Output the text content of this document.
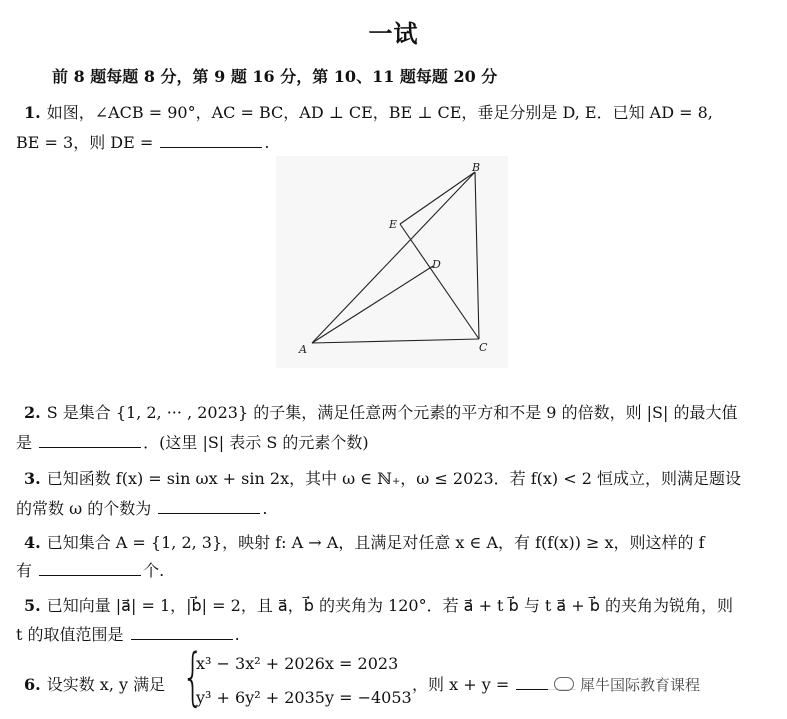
一试
前 8 题每题 8 分，第 9 题 16 分，第 10、11 题每题 20 分
1. 如图，∠ACB = 90°，AC = BC，AD ⊥ CE，BE ⊥ CE，垂足分别是 D, E．已知 AD = 8,
BE = 3，则 DE =	.
A
B
C
D
E
2. S 是集合 {1, 2, ··· , 2023} 的子集，满足任意两个元素的平方和不是 9 的倍数，则 |S| 的最大值
是	．(这里 |S| 表示 S 的元素个数)
3. 已知函数 f(x) = sin ωx + sin 2x，其中 ω ∈ ℕ₊，ω ≤ 2023．若 f(x) < 2 恒成立，则满足题设
的常数 ω 的个数为	.
4. 已知集合 A = {1, 2, 3}，映射 f: A → A，且满足对任意 x ∈ A，有 f(f(x)) ≥ x，则这样的 f
有	个.
5. 已知向量 |a⃗| = 1，|b⃗| = 2，且 a⃗，b⃗ 的夹角为 120°．若 a⃗ + t b⃗ 与 t a⃗ + b⃗ 的夹角为锐角，则
t 的取值范围是	.
6. 设实数 x, y 满足 {
x³ − 3x² + 2026x = 2023
y³ + 6y² + 2035y = −4053
，则 x + y =	犀牛国际教育课程
